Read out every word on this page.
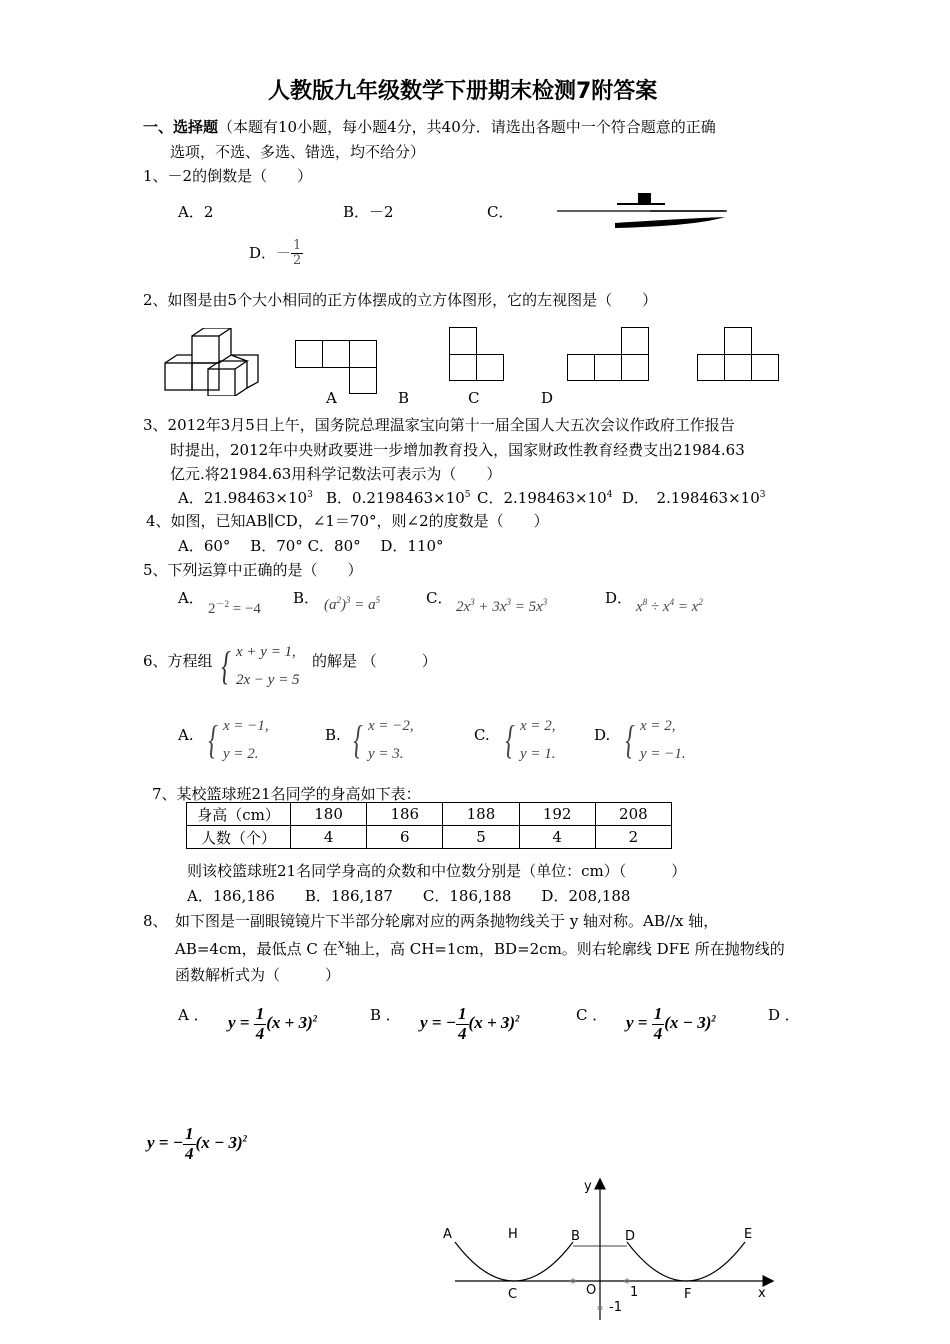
人教版九年级数学下册期末检测7附答案
一、选择题（本题有10小题，每小题4分，共40分．请选出各题中一个符合题意的正确
选项，不选、多选、错选，均不给分）
1、－2的倒数是（　　）
A．2	B．－2	C．
D．－ $\frac{1}{2}$
2、如图是由5个大小相同的正方体摆成的立方体图形，它的左视图是（　　）
A	B	C	D
3、2012年3月5日上午，国务院总理温家宝向第十一届全国人大五次会议作政府工作报告
时提出，2012年中央财政要进一步增加教育投入，国家财政性教育经费支出21984.63
亿元.将21984.63用科学记数法可表示为（　　）
A．$21.98463\times 10^3$ B．$0.2198463\times 10^5$ C．$2.198463\times 10^4$ D．　$2.198463\times 10^3$
4、如图，已知AB∥CD，∠1＝70°，则∠2的度数是（　　）
A．60°　 B．70° C．80°　 D．110°
5、下列运算中正确的是（　　）
A．
$2^{-2} = -4$
B． $(a^2)^3 = a^5$	C． $2x^3 + 3x^3 = 5x^3$	D． $x^8 \div x^4 = x^2$
6、方程组 { x + y = 1,
2x − y = 5
的解是 （　　　）
A. { x = −1,
y = 2.
B. { x = −2,
y = 3.
C. { x = 2,
y = 1.
D. { x = 2,
y = −1.
7、某校篮球班21名同学的身高如下表：
身高（cm）	180	186	188	192	208
人数（个）	4	6	5	4	2
则该校篮球班21名同学身高的众数和中位数分别是（单位：cm）（　　　）
A．186,186　　B．186,187　　C．186,188　　D．208,188
8、　如下图是一副眼镜镜片下半部分轮廓对应的两条抛物线关于 y 轴对称。AB//x 轴，
AB=4cm，最低点 C 在x轴上，高 CH=1cm，BD=2cm。则右轮廓线 DFE 所在抛物线的
函数解析式为（　　　）
A ． $y = \frac{1}{4} (x + 3)^2$	B ． y = − $\frac{1}{4} (x + 3)^2$	C ． $y = \frac{1}{4} (x - 3)^2$	D ．
y = − $\frac{1}{4} (x - 3)^2$
y
A	H	B	D	E
C	O	1	F	x
-1
